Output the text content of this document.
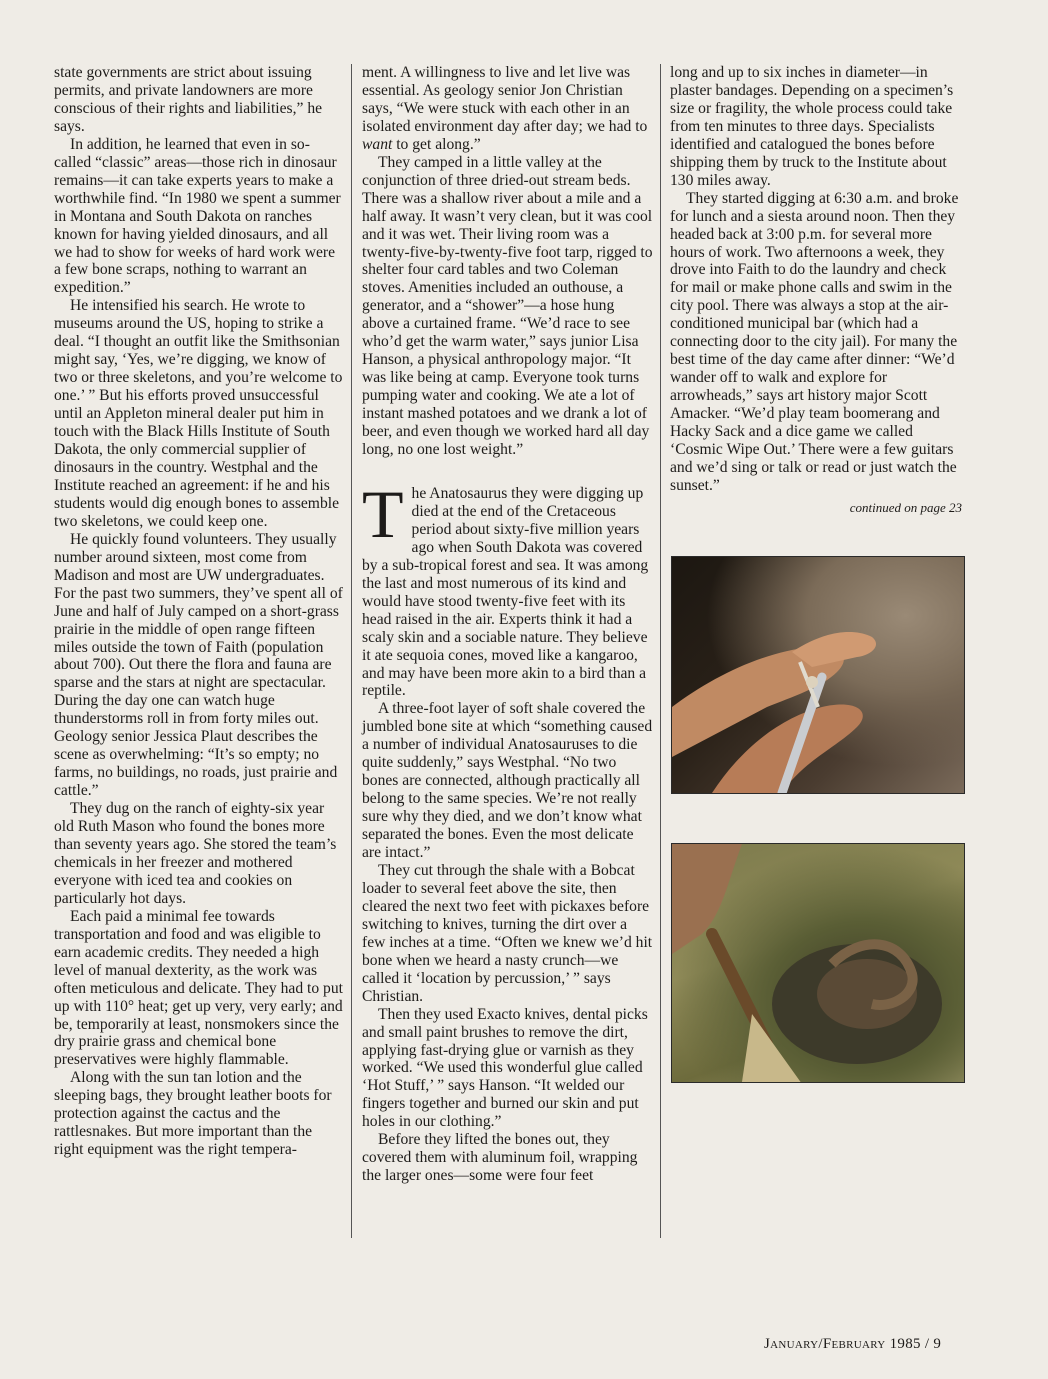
state governments are strict about issuing permits, and private landowners are more conscious of their rights and liabilities,” he says.

In addition, he learned that even in so-called “classic” areas—those rich in dinosaur remains—it can take experts years to make a worthwhile find. “In 1980 we spent a summer in Montana and South Dakota on ranches known for having yielded dinosaurs, and all we had to show for weeks of hard work were a few bone scraps, nothing to warrant an expedition.”

He intensified his search. He wrote to museums around the US, hoping to strike a deal. “I thought an outfit like the Smithsonian might say, ‘Yes, we’re digging, we know of two or three skeletons, and you’re welcome to one.’ ” But his efforts proved unsuccessful until an Appleton mineral dealer put him in touch with the Black Hills Institute of South Dakota, the only commercial supplier of dinosaurs in the country. Westphal and the Institute reached an agreement: if he and his students would dig enough bones to assemble two skeletons, we could keep one.

He quickly found volunteers. They usually number around sixteen, most come from Madison and most are UW undergraduates. For the past two summers, they’ve spent all of June and half of July camped on a short-grass prairie in the middle of open range fifteen miles outside the town of Faith (population about 700). Out there the flora and fauna are sparse and the stars at night are spectacular. During the day one can watch huge thunderstorms roll in from forty miles out. Geology senior Jessica Plaut describes the scene as overwhelming: “It’s so empty; no farms, no buildings, no roads, just prairie and cattle.”

They dug on the ranch of eighty-six year old Ruth Mason who found the bones more than seventy years ago. She stored the team’s chemicals in her freezer and mothered everyone with iced tea and cookies on particularly hot days.

Each paid a minimal fee towards transportation and food and was eligible to earn academic credits. They needed a high level of manual dexterity, as the work was often meticulous and delicate. They had to put up with 110° heat; get up very, very early; and be, temporarily at least, nonsmokers since the dry prairie grass and chemical bone preservatives were highly flammable.

Along with the sun tan lotion and the sleeping bags, they brought leather boots for protection against the cactus and the rattlesnakes. But more important than the right equipment was the right tempera-

ment. A willingness to live and let live was essential. As geology senior Jon Christian says, “We were stuck with each other in an isolated environment day after day; we had to want to get along.”

They camped in a little valley at the conjunction of three dried-out stream beds. There was a shallow river about a mile and a half away. It wasn’t very clean, but it was cool and it was wet. Their living room was a twenty-five-by-twenty-five foot tarp, rigged to shelter four card tables and two Coleman stoves. Amenities included an outhouse, a generator, and a “shower”—a hose hung above a curtained frame. “We’d race to see who’d get the warm water,” says junior Lisa Hanson, a physical anthropology major. “It was like being at camp. Everyone took turns pumping water and cooking. We ate a lot of instant mashed potatoes and we drank a lot of beer, and even though we worked hard all day long, no one lost weight.”

The Anatosaurus they were digging up died at the end of the Cretaceous period about sixty-five million years ago when South Dakota was covered by a sub-tropical forest and sea. It was among the last and most numerous of its kind and would have stood twenty-five feet with its head raised in the air. Experts think it had a scaly skin and a sociable nature. They believe it ate sequoia cones, moved like a kangaroo, and may have been more akin to a bird than a reptile.

A three-foot layer of soft shale covered the jumbled bone site at which “something caused a number of individual Anatosauruses to die quite suddenly,” says Westphal. “No two bones are connected, although practically all belong to the same species. We’re not really sure why they died, and we don’t know what separated the bones. Even the most delicate are intact.”

They cut through the shale with a Bobcat loader to several feet above the site, then cleared the next two feet with pickaxes before switching to knives, turning the dirt over a few inches at a time. “Often we knew we’d hit bone when we heard a nasty crunch—we called it ‘location by percussion,’ ” says Christian.

Then they used Exacto knives, dental picks and small paint brushes to remove the dirt, applying fast-drying glue or varnish as they worked. “We used this wonderful glue called ‘Hot Stuff,’ ” says Hanson. “It welded our fingers together and burned our skin and put holes in our clothing.”

Before they lifted the bones out, they covered them with aluminum foil, wrapping the larger ones—some were four feet

long and up to six inches in diameter—in plaster bandages. Depending on a specimen’s size or fragility, the whole process could take from ten minutes to three days. Specialists identified and catalogued the bones before shipping them by truck to the Institute about 130 miles away.

They started digging at 6:30 a.m. and broke for lunch and a siesta around noon. Then they headed back at 3:00 p.m. for several more hours of work. Two afternoons a week, they drove into Faith to do the laundry and check for mail or make phone calls and swim in the city pool. There was always a stop at the air-conditioned municipal bar (which had a connecting door to the city jail). For many the best time of the day came after dinner: “We’d wander off to walk and explore for arrowheads,” says art history major Scott Amacker. “We’d play team boomerang and Hacky Sack and a dice game we called ‘Cosmic Wipe Out.’ There were a few guitars and we’d sing or talk or read or just watch the sunset.”

continued on page 23

January/February 1985 / 9
